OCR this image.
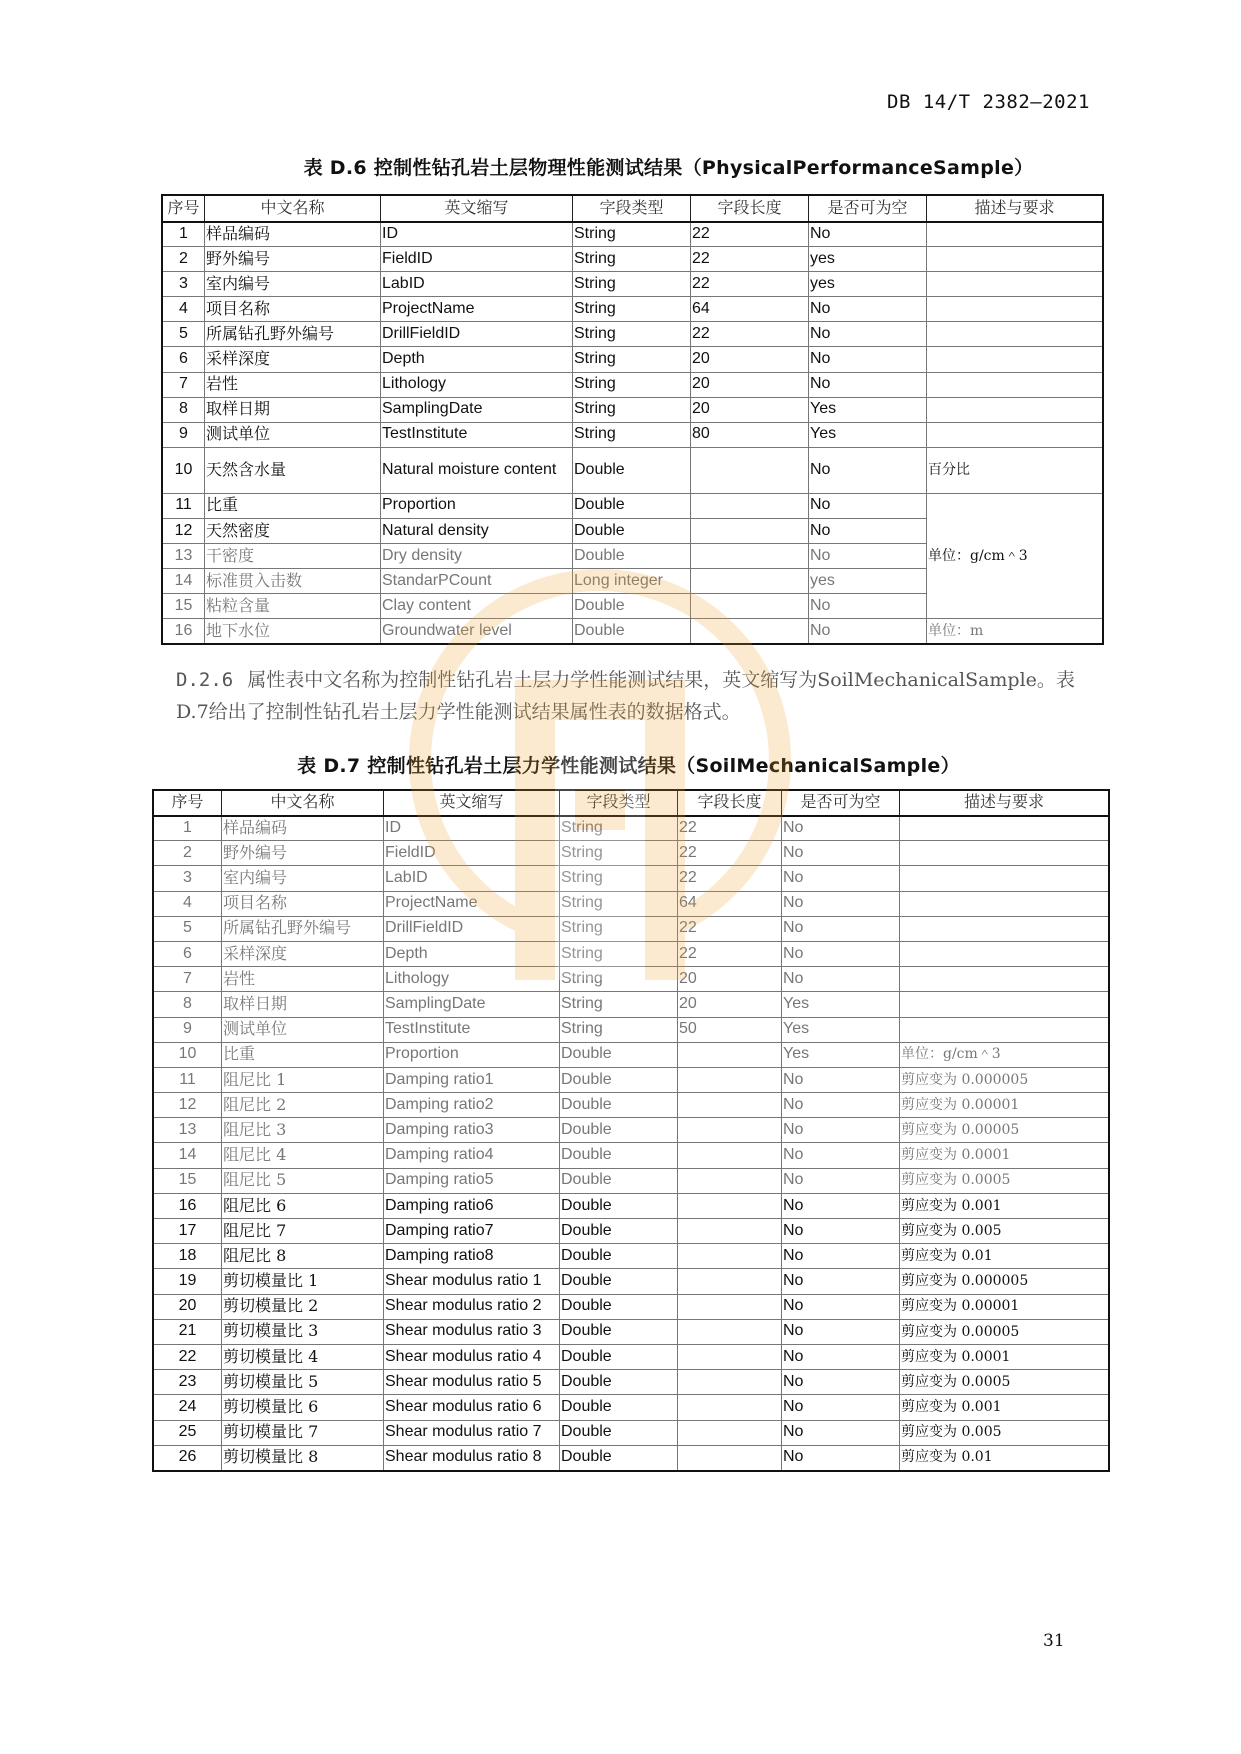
DB 14/T 2382—2021
表 D.6 控制性钻孔岩土层物理性能测试结果（PhysicalPerformanceSample）
序号	中文名称	英文缩写	字段类型	字段长度	是否可为空	描述与要求
1	样品编码	ID	String	22	No	
2	野外编号	FieldID	String	22	yes	
3	室内编号	LabID	String	22	yes	
4	项目名称	ProjectName	String	64	No	
5	所属钻孔野外编号	DrillFieldID	String	22	No	
6	采样深度	Depth	String	20	No	
7	岩性	Lithology	String	20	No	
8	取样日期	SamplingDate	String	20	Yes	
9	测试单位	TestInstitute	String	80	Yes	
10	天然含水量	Natural moisture content	Double		No	百分比
11	比重	Proportion	Double		No	单位：g/cm＾3
12	天然密度	Natural density	Double		No	
13	干密度	Dry density	Double		No	
14	标准贯入击数	StandarPCount	Long integer		yes	
15	粘粒含量	Clay content	Double		No	
16	地下水位	Groundwater level	Double		No	单位：m
D.2.6 属性表中文名称为控制性钻孔岩土层力学性能测试结果，英文缩写为SoilMechanicalSample。表D.7给出了控制性钻孔岩土层力学性能测试结果属性表的数据格式。
表 D.7 控制性钻孔岩土层力学性能测试结果（SoilMechanicalSample）
序号	中文名称	英文缩写	字段类型	字段长度	是否可为空	描述与要求
1	样品编码	ID	String	22	No	
2	野外编号	FieldID	String	22	No	
3	室内编号	LabID	String	22	No	
4	项目名称	ProjectName	String	64	No	
5	所属钻孔野外编号	DrillFieldID	String	22	No	
6	采样深度	Depth	String	22	No	
7	岩性	Lithology	String	20	No	
8	取样日期	SamplingDate	String	20	Yes	
9	测试单位	TestInstitute	String	50	Yes	
10	比重	Proportion	Double		Yes	单位：g/cm＾3
11	阻尼比 1	Damping ratio1	Double		No	剪应变为 0.000005
12	阻尼比 2	Damping ratio2	Double		No	剪应变为 0.00001
13	阻尼比 3	Damping ratio3	Double		No	剪应变为 0.00005
14	阻尼比 4	Damping ratio4	Double		No	剪应变为 0.0001
15	阻尼比 5	Damping ratio5	Double		No	剪应变为 0.0005
16	阻尼比 6	Damping ratio6	Double		No	剪应变为 0.001
17	阻尼比 7	Damping ratio7	Double		No	剪应变为 0.005
18	阻尼比 8	Damping ratio8	Double		No	剪应变为 0.01
19	剪切模量比 1	Shear modulus ratio 1	Double		No	剪应变为 0.000005
20	剪切模量比 2	Shear modulus ratio 2	Double		No	剪应变为 0.00001
21	剪切模量比 3	Shear modulus ratio 3	Double		No	剪应变为 0.00005
22	剪切模量比 4	Shear modulus ratio 4	Double		No	剪应变为 0.0001
23	剪切模量比 5	Shear modulus ratio 5	Double		No	剪应变为 0.0005
24	剪切模量比 6	Shear modulus ratio 6	Double		No	剪应变为 0.001
25	剪切模量比 7	Shear modulus ratio 7	Double		No	剪应变为 0.005
26	剪切模量比 8	Shear modulus ratio 8	Double		No	剪应变为 0.01
31
